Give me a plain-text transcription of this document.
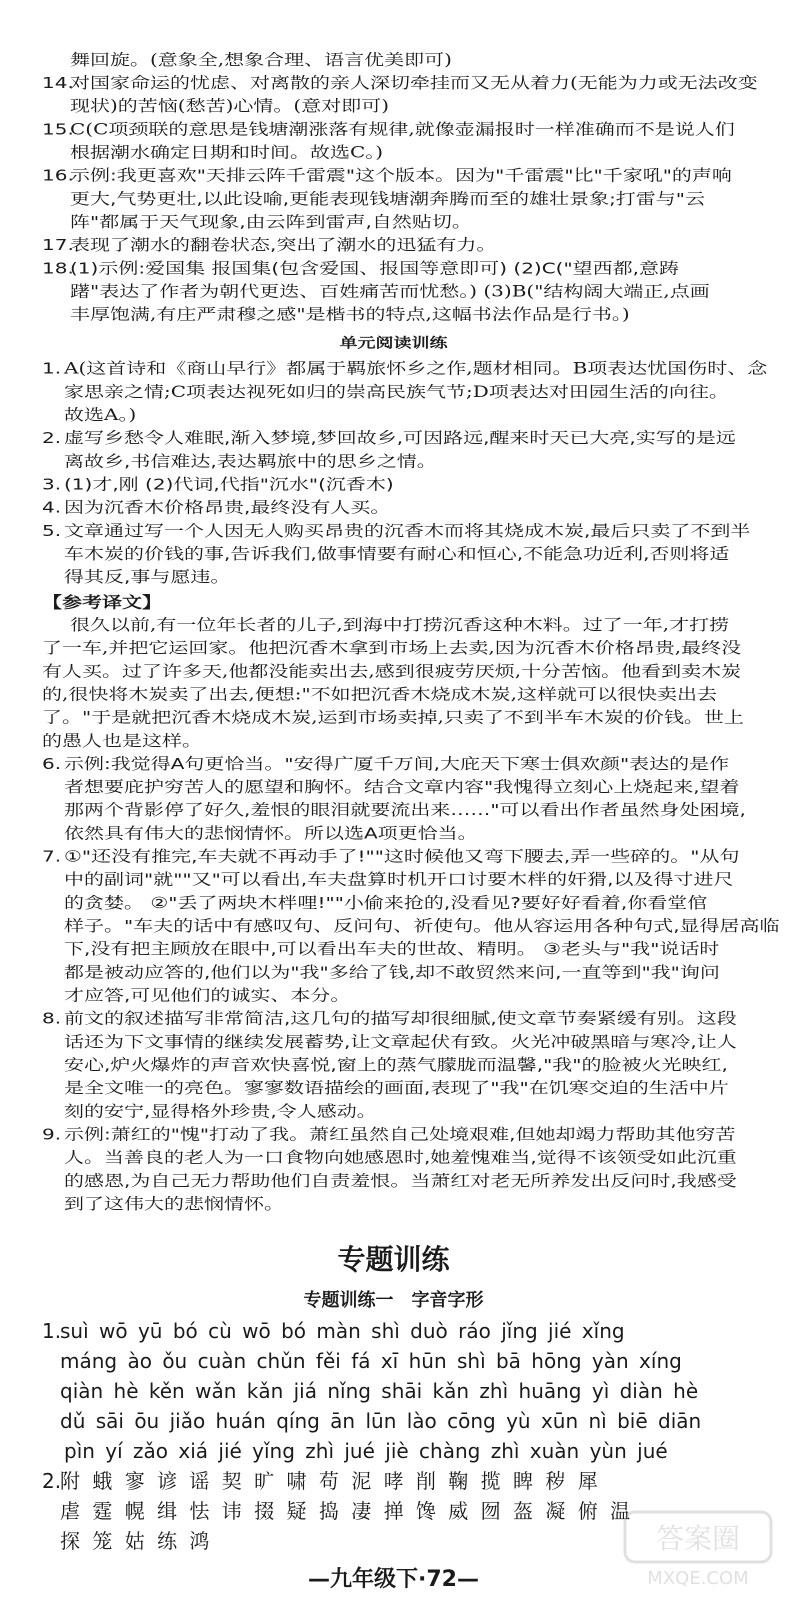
舞回旋。(意象全,想象合理、语言优美即可)
14.
对国家命运的忧虑、对离散的亲人深切牵挂而又无从着力(无能为力或无法改变
现状)的苦恼(愁苦)心情。(意对即可)
15.
C(C项颈联的意思是钱塘潮涨落有规律,就像壶漏报时一样准确而不是说人们
根据潮水确定日期和时间。故选C。)
16.
示例:我更喜欢"天排云阵千雷震"这个版本。因为"千雷震"比"千家吼"的声响
更大,气势更壮,以此设喻,更能表现钱塘潮奔腾而至的雄壮景象;打雷与"云
阵"都属于天气现象,由云阵到雷声,自然贴切。
17.
表现了潮水的翻卷状态,突出了潮水的迅猛有力。
18.
(1)示例:爱国集 报国集(包含爱国、报国等意即可) (2)C("望西都,意踌
躇"表达了作者为朝代更迭、百姓痛苦而忧愁。) (3)B("结构阔大端正,点画
丰厚饱满,有庄严肃穆之感"是楷书的特点,这幅书法作品是行书。)
单元阅读训练
1. A(这首诗和《商山早行》都属于羁旅怀乡之作,题材相同。B项表达忧国伤时、念
家思亲之情;C项表达视死如归的崇高民族气节;D项表达对田园生活的向往。
故选A。)
2. 虚写乡愁令人难眠,渐入梦境,梦回故乡,可因路远,醒来时天已大亮,实写的是远
离故乡,书信难达,表达羁旅中的思乡之情。
3. (1)才,刚 (2)代词,代指"沉水"(沉香木)
4. 因为沉香木价格昂贵,最终没有人买。
5. 文章通过写一个人因无人购买昂贵的沉香木而将其烧成木炭,最后只卖了不到半
车木炭的价钱的事,告诉我们,做事情要有耐心和恒心,不能急功近利,否则将适
得其反,事与愿违。
【参考译文】
很久以前,有一位年长者的儿子,到海中打捞沉香这种木料。过了一年,才打捞
了一车,并把它运回家。他把沉香木拿到市场上去卖,因为沉香木价格昂贵,最终没
有人买。过了许多天,他都没能卖出去,感到很疲劳厌烦,十分苦恼。他看到卖木炭
的,很快将木炭卖了出去,便想:"不如把沉香木烧成木炭,这样就可以很快卖出去
了。"于是就把沉香木烧成木炭,运到市场卖掉,只卖了不到半车木炭的价钱。世上
的愚人也是这样。
6. 示例:我觉得A句更恰当。"安得广厦千万间,大庇天下寒士俱欢颜"表达的是作
者想要庇护穷苦人的愿望和胸怀。结合文章内容"我愧得立刻心上烧起来,望着
那两个背影停了好久,羞恨的眼泪就要流出来……"可以看出作者虽然身处困境,
依然具有伟大的悲悯情怀。所以选A项更恰当。
7. ①"还没有推完,车夫就不再动手了!""这时候他又弯下腰去,弄一些碎的。"从句
中的副词"就""又"可以看出,车夫盘算时机开口讨要木柈的奸猾,以及得寸进尺
的贪婪。 ②"丢了两块木柈哩!""小偷来抢的,没看见?要好好看着,你看堂倌
样子。"车夫的话中有感叹句、反问句、祈使句。他从容运用各种句式,显得居高临
下,没有把主顾放在眼中,可以看出车夫的世故、精明。 ③老头与"我"说话时
都是被动应答的,他们以为"我"多给了钱,却不敢贸然来问,一直等到"我"询问
才应答,可见他们的诚实、本分。
8. 前文的叙述描写非常简洁,这几句的描写却很细腻,使文章节奏紧缓有别。这段
话还为下文事情的继续发展蓄势,让文章起伏有致。火光冲破黑暗与寒冷,让人
安心,炉火爆炸的声音欢快喜悦,窗上的蒸气朦胧而温馨,"我"的脸被火光映红,
是全文唯一的亮色。寥寥数语描绘的画面,表现了"我"在饥寒交迫的生活中片
刻的安宁,显得格外珍贵,令人感动。
9. 示例:萧红的"愧"打动了我。萧红虽然自己处境艰难,但她却竭力帮助其他穷苦
人。当善良的老人为一口食物向她感恩时,她羞愧难当,觉得不该领受如此沉重
的感恩,为自己无力帮助他们自责羞恨。当萧红对老无所养发出反问时,我感受
到了这伟大的悲悯情怀。
专题训练
专题训练一　字音字形
1.
suì wō yū bó cù wō bó màn shì duò ráo jǐng jié xǐng
máng ào ǒu cuàn chǔn fěi fá xī hūn shì bā hōng yàn xíng
qiàn hè kěn wǎn kǎn jiá nǐng shāi kǎn zhì huāng yì diàn hè
dǔ sāi ōu jiǎo huán qíng ān lūn lào cōng yù xūn nì biē diān
pìn yí zǎo xiá jié yǐng zhì jué jiè chàng zhì xuàn yùn jué
2.
附 蛾 寥 谚 谣 契 旷 啸 苟 泥 哮 削 鞠 揽 睥 秽 犀
虐 霆 幌 缉 怯 讳 掇 疑 捣 凄 掸 馋 威 囫 盔 凝 俯 温
探 笼 姑 练 鸿
—九年级下·72—
答案圈
MXQE.COM
